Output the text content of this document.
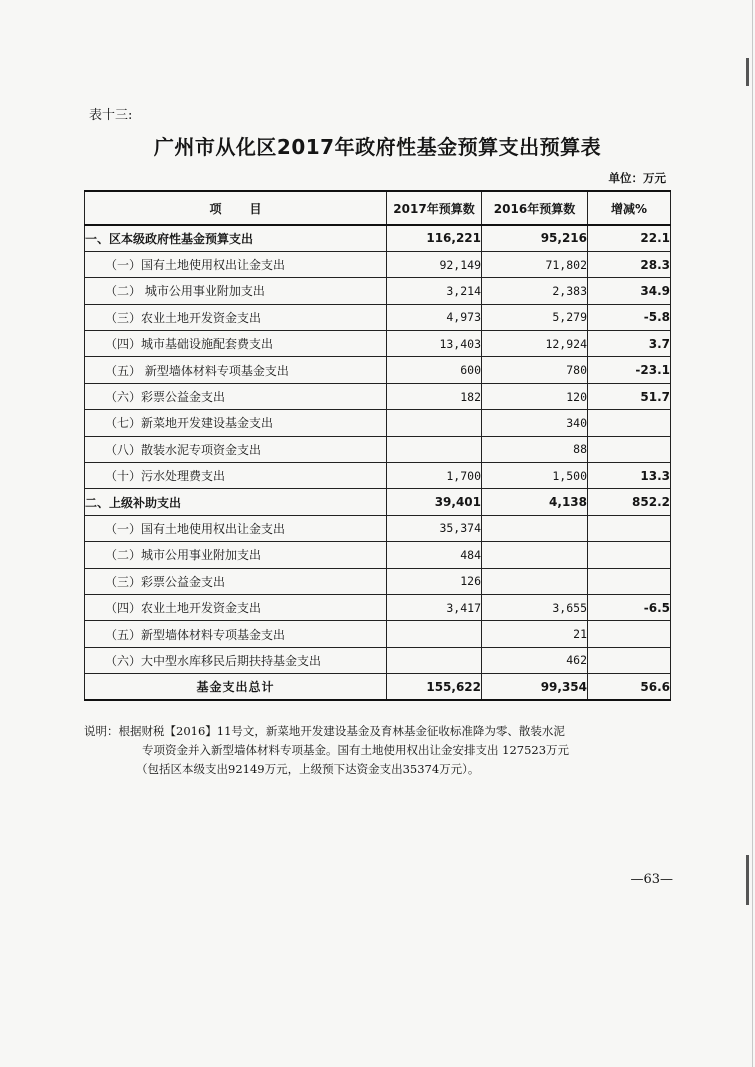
表十三:
广州市从化区2017年政府性基金预算支出预算表
单位：万元
项目	2017年预算数	2016年预算数	增减%
一、区本级政府性基金预算支出	116,221	95,216	22.1
（一）国有土地使用权出让金支出	92,149	71,802	28.3
（二） 城市公用事业附加支出	3,214	2,383	34.9
（三）农业土地开发资金支出	4,973	5,279	-5.8
（四）城市基础设施配套费支出	13,403	12,924	3.7
（五） 新型墙体材料专项基金支出	600	780	-23.1
（六）彩票公益金支出	182	120	51.7
（七）新菜地开发建设基金支出		340	
（八）散装水泥专项资金支出		88	
（十）污水处理费支出	1,700	1,500	13.3
二、上级补助支出	39,401	4,138	852.2
（一）国有土地使用权出让金支出	35,374		
（二）城市公用事业附加支出	484		
（三）彩票公益金支出	126		
（四）农业土地开发资金支出	3,417	3,655	-6.5
（五）新型墙体材料专项基金支出		21	
（六）大中型水库移民后期扶持基金支出		462	
基金支出总计	155,622	99,354	56.6
说明：根据财税【2016】11号文，新菜地开发建设基金及育林基金征收标准降为零、散装水泥
专项资金并入新型墙体材料专项基金。国有土地使用权出让金安排支出 127523万元
（包括区本级支出92149万元，上级预下达资金支出35374万元）。
—63—
